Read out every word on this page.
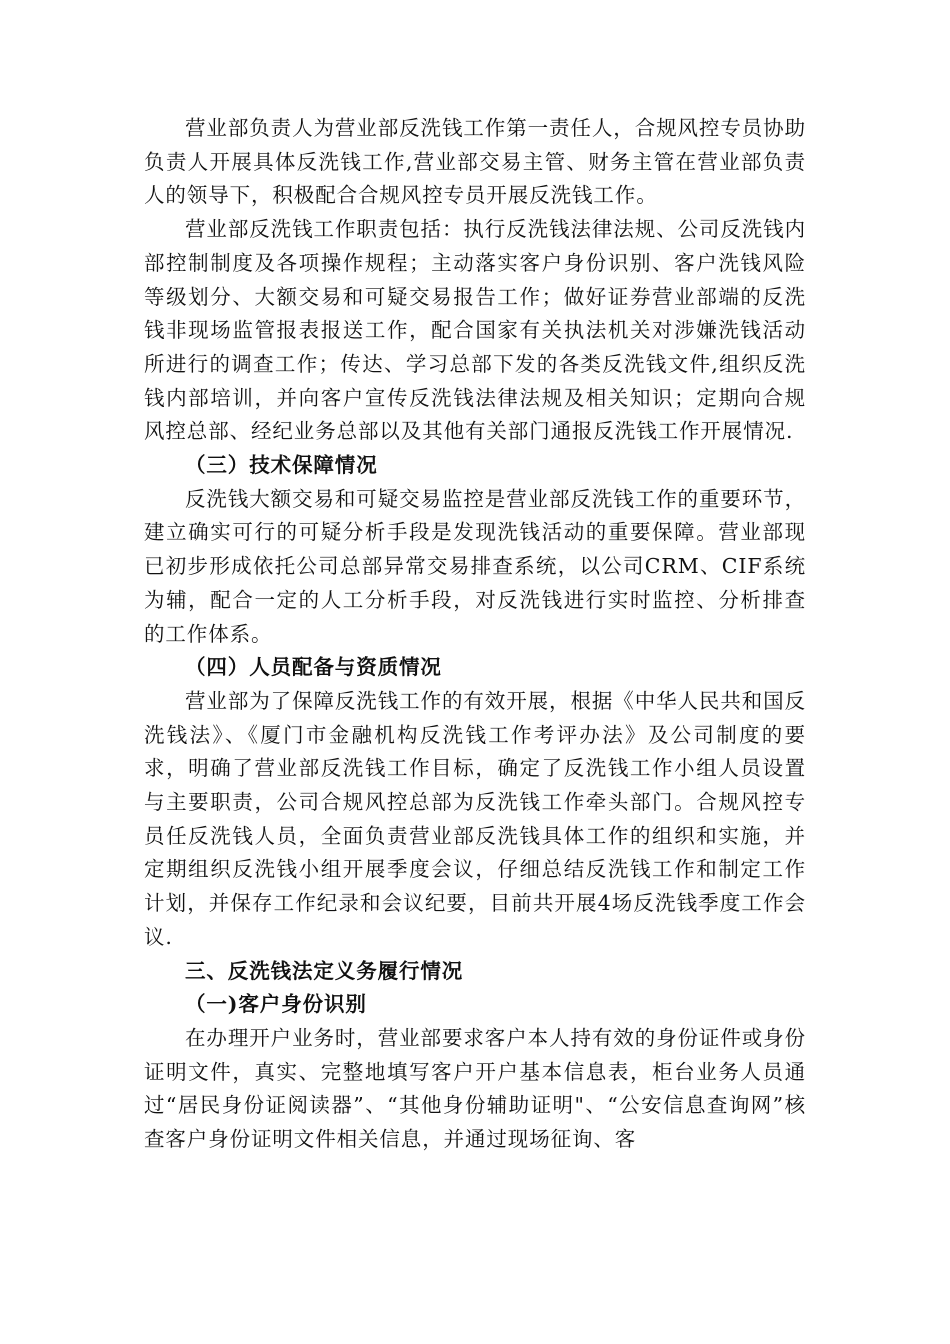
营业部负责人为营业部反洗钱工作第一责任人，合规风控专员协助负责人开展具体反洗钱工作,营业部交易主管、财务主管在营业部负责人的领导下，积极配合合规风控专员开展反洗钱工作。

营业部反洗钱工作职责包括：执行反洗钱法律法规、公司反洗钱内部控制制度及各项操作规程；主动落实客户身份识别、客户洗钱风险等级划分、大额交易和可疑交易报告工作；做好证券营业部端的反洗钱非现场监管报表报送工作，配合国家有关执法机关对涉嫌洗钱活动所进行的调查工作；传达、学习总部下发的各类反洗钱文件,组织反洗钱内部培训，并向客户宣传反洗钱法律法规及相关知识；定期向合规风控总部、经纪业务总部以及其他有关部门通报反洗钱工作开展情况.

（三）技术保障情况

反洗钱大额交易和可疑交易监控是营业部反洗钱工作的重要环节，建立确实可行的可疑分析手段是发现洗钱活动的重要保障。营业部现已初步形成依托公司总部异常交易排查系统，以公司CRM、CIF系统为辅，配合一定的人工分析手段，对反洗钱进行实时监控、分析排查的工作体系。

（四）人员配备与资质情况

营业部为了保障反洗钱工作的有效开展，根据《中华人民共和国反洗钱法》、《厦门市金融机构反洗钱工作考评办法》及公司制度的要求，明确了营业部反洗钱工作目标，确定了反洗钱工作小组人员设置与主要职责，公司合规风控总部为反洗钱工作牵头部门。合规风控专员任反洗钱人员，全面负责营业部反洗钱具体工作的组织和实施，并定期组织反洗钱小组开展季度会议，仔细总结反洗钱工作和制定工作计划，并保存工作纪录和会议纪要，目前共开展4场反洗钱季度工作会议.

三、反洗钱法定义务履行情况

（一)客户身份识别

在办理开户业务时，营业部要求客户本人持有效的身份证件或身份证明文件，真实、完整地填写客户开户基本信息表，柜台业务人员通过“居民身份证阅读器”、“其他身份辅助证明"、“公安信息查询网”核查客户身份证明文件相关信息，并通过现场征询、客
